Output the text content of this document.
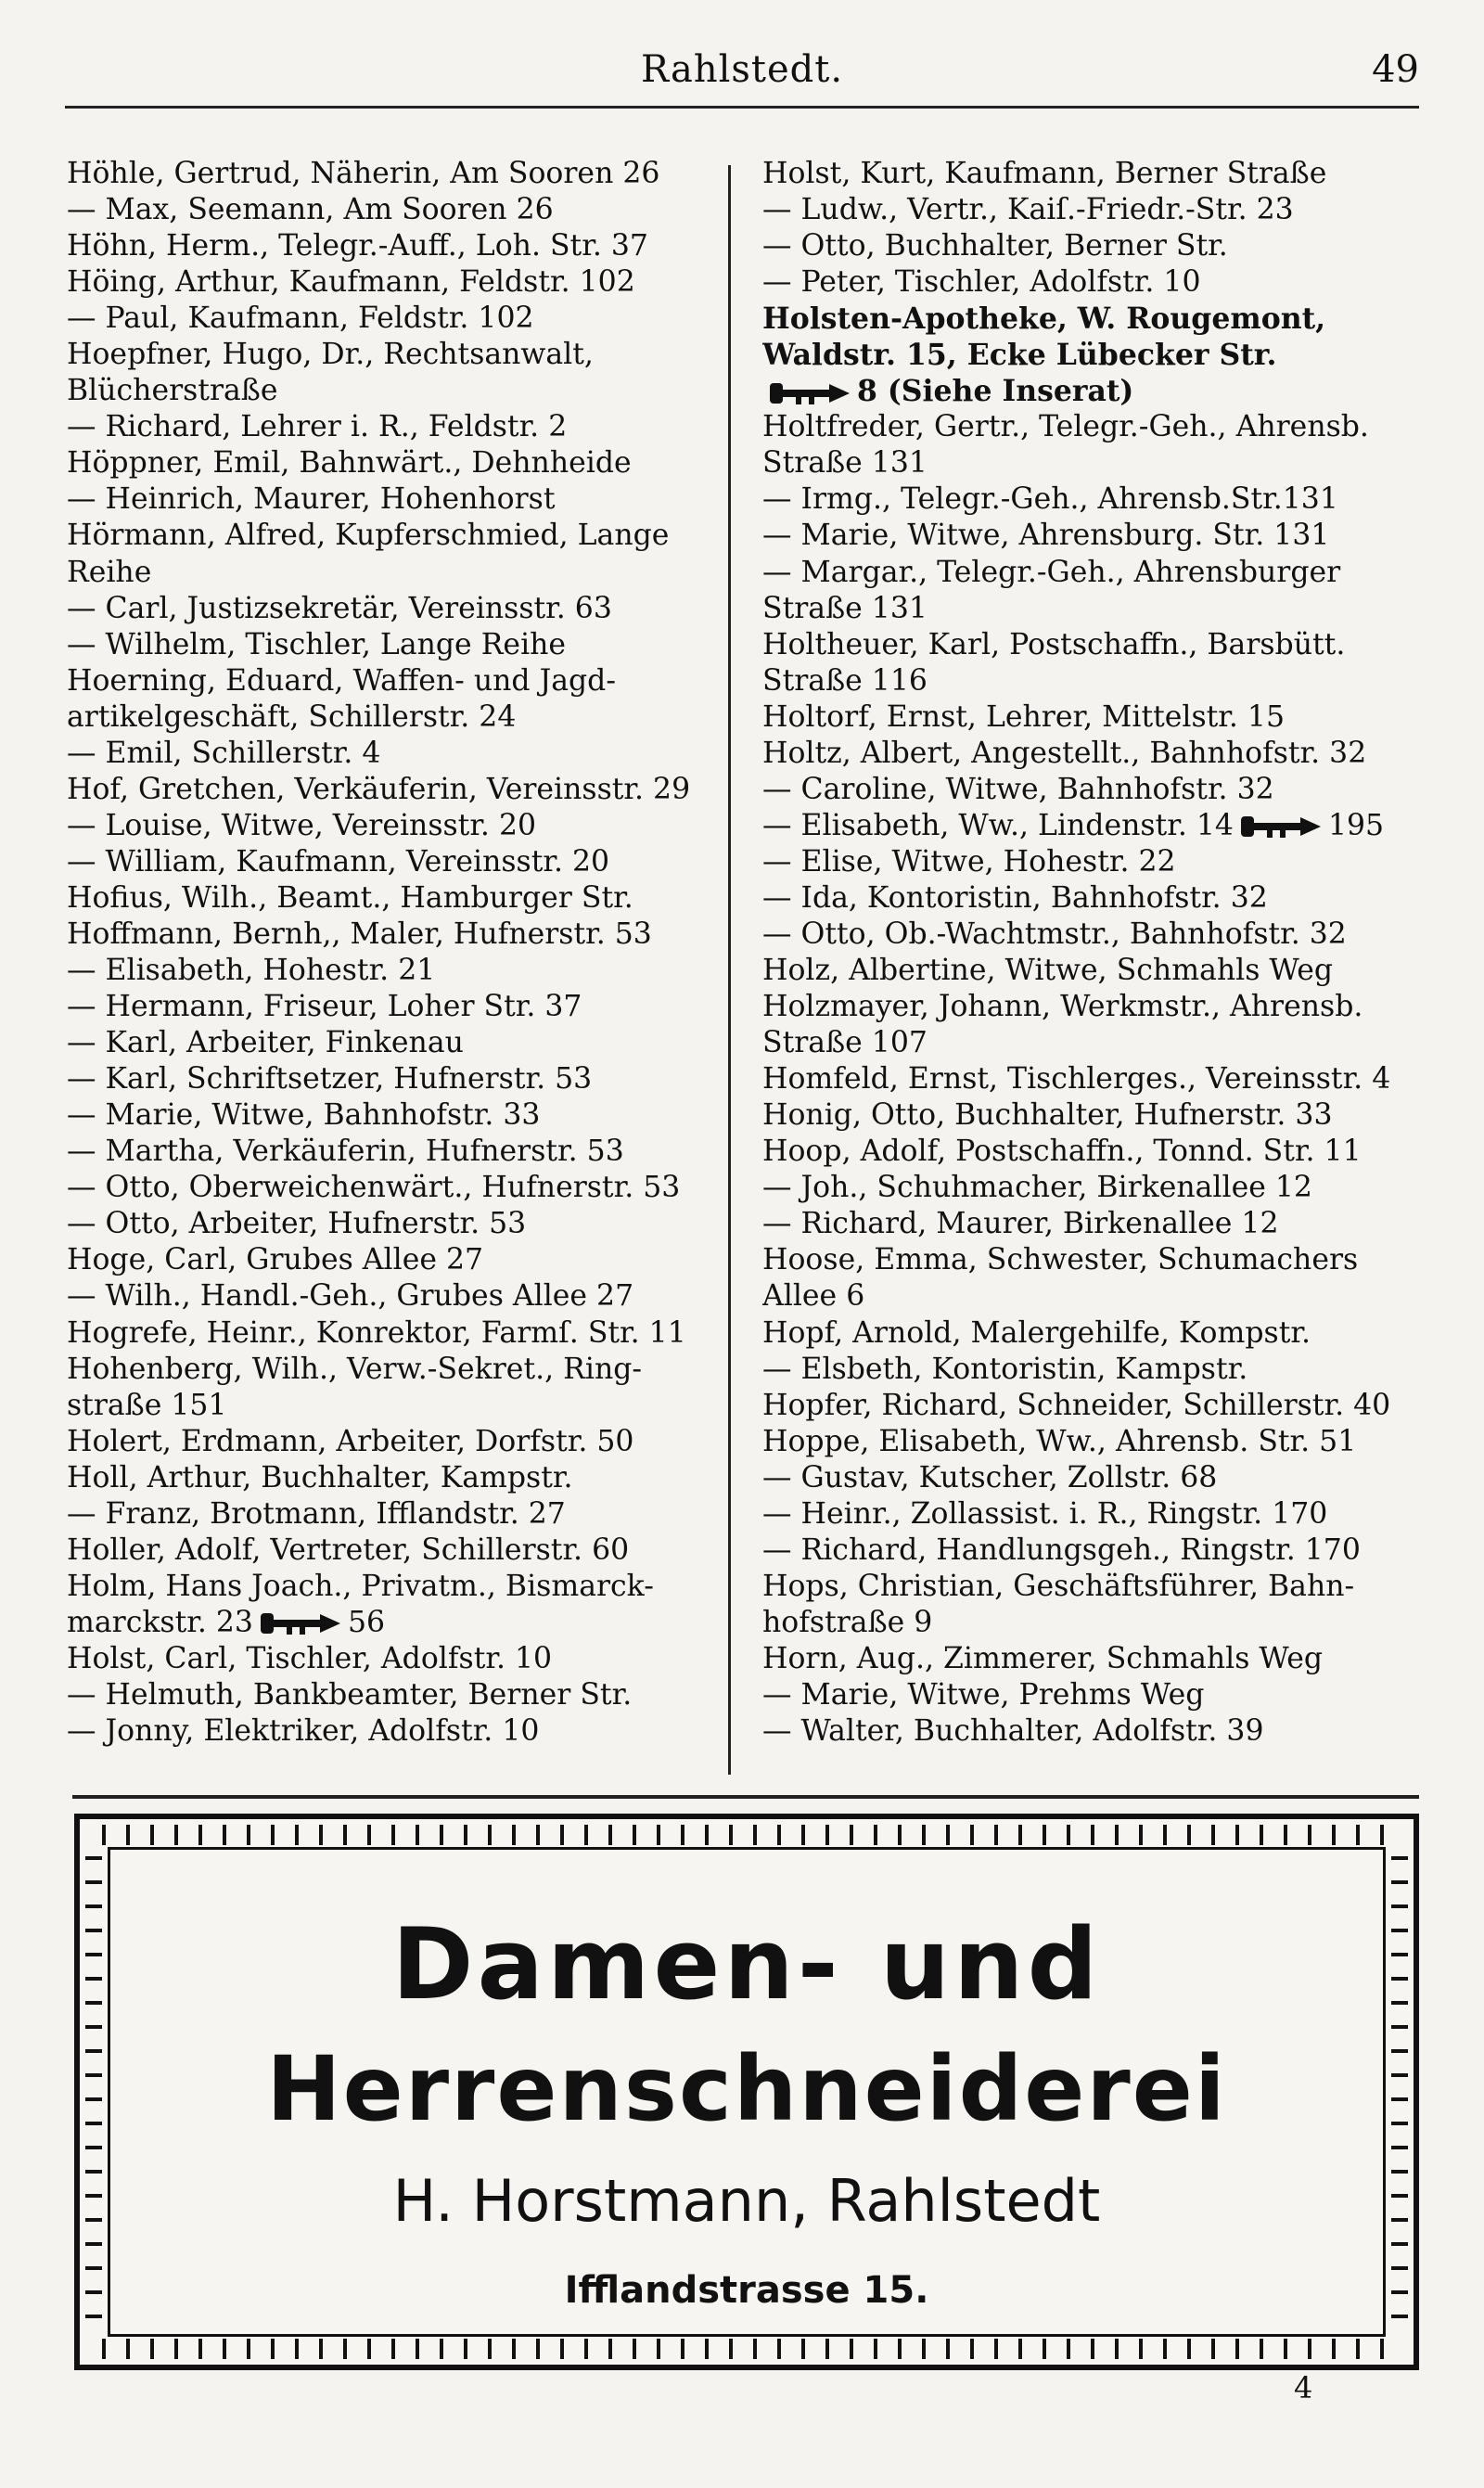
Rahlstedt.	49
Höhle, Gertrud, Näherin, Am Sooren 26
— Max, Seemann, Am Sooren 26
Höhn, Herm., Telegr.-Auff., Loh. Str. 37
Höing, Arthur, Kaufmann, Feldstr. 102
— Paul, Kaufmann, Feldstr. 102
Hoepfner, Hugo, Dr., Rechtsanwalt,
Blücherstraße
— Richard, Lehrer i. R., Feldstr. 2
Höppner, Emil, Bahnwärt., Dehnheide
— Heinrich, Maurer, Hohenhorst
Hörmann, Alfred, Kupferschmied, Lange
Reihe
— Carl, Justizsekretär, Vereinsstr. 63
— Wilhelm, Tischler, Lange Reihe
Hoerning, Eduard, Waffen- und Jagd-
artikelgeschäft, Schillerstr. 24
— Emil, Schillerstr. 4
Hof, Gretchen, Verkäuferin, Vereinsstr. 29
— Louise, Witwe, Vereinsstr. 20
— William, Kaufmann, Vereinsstr. 20
Hofius, Wilh., Beamt., Hamburger Str.
Hoffmann, Bernh,, Maler, Hufnerstr. 53
— Elisabeth, Hohestr. 21
— Hermann, Friseur, Loher Str. 37
— Karl, Arbeiter, Finkenau
— Karl, Schriftsetzer, Hufnerstr. 53
— Marie, Witwe, Bahnhofstr. 33
— Martha, Verkäuferin, Hufnerstr. 53
— Otto, Oberweichenwärt., Hufnerstr. 53
— Otto, Arbeiter, Hufnerstr. 53
Hoge, Carl, Grubes Allee 27
— Wilh., Handl.-Geh., Grubes Allee 27
Hogrefe, Heinr., Konrektor, Farmſ. Str. 11
Hohenberg, Wilh., Verw.-Sekret., Ring-
straße 151
Holert, Erdmann, Arbeiter, Dorfstr. 50
Holl, Arthur, Buchhalter, Kampstr.
— Franz, Brotmann, Ifflandstr. 27
Holler, Adolf, Vertreter, Schillerstr. 60
Holm, Hans Joach., Privatm., Bismarck-
marckstr. 23	56
Holst, Carl, Tischler, Adolfstr. 10
— Helmuth, Bankbeamter, Berner Str.
— Jonny, Elektriker, Adolfstr. 10
Holst, Kurt, Kaufmann, Berner Straße
— Ludw., Vertr., Kaiſ.-Friedr.-Str. 23
— Otto, Buchhalter, Berner Str.
— Peter, Tischler, Adolfstr. 10
Holsten-Apotheke, W. Rougemont,
Waldstr. 15, Ecke Lübecker Str.
8 (Siehe Inserat)
Holtfreder, Gertr., Telegr.-Geh., Ahrensb.
Straße 131
— Irmg., Telegr.-Geh., Ahrensb.Str.131
— Marie, Witwe, Ahrensburg. Str. 131
— Margar., Telegr.-Geh., Ahrensburger
Straße 131
Holtheuer, Karl, Postschaffn., Barsbütt.
Straße 116
Holtorf, Ernst, Lehrer, Mittelstr. 15
Holtz, Albert, Angestellt., Bahnhofstr. 32
— Caroline, Witwe, Bahnhofstr. 32
— Elisabeth, Ww., Lindenstr. 14	195
— Elise, Witwe, Hohestr. 22
— Ida, Kontoristin, Bahnhofstr. 32
— Otto, Ob.-Wachtmstr., Bahnhofstr. 32
Holz, Albertine, Witwe, Schmahls Weg
Holzmayer, Johann, Werkmstr., Ahrensb.
Straße 107
Homfeld, Ernst, Tischlerges., Vereinsstr. 4
Honig, Otto, Buchhalter, Hufnerstr. 33
Hoop, Adolf, Postschaffn., Tonnd. Str. 11
— Joh., Schuhmacher, Birkenallee 12
— Richard, Maurer, Birkenallee 12
Hoose, Emma, Schwester, Schumachers
Allee 6
Hopf, Arnold, Malergehilfe, Kompstr.
— Elsbeth, Kontoristin, Kampstr.
Hopfer, Richard, Schneider, Schillerstr. 40
Hoppe, Elisabeth, Ww., Ahrensb. Str. 51
— Gustav, Kutscher, Zollstr. 68
— Heinr., Zollassist. i. R., Ringstr. 170
— Richard, Handlungsgeh., Ringstr. 170
Hops, Christian, Geschäftsführer, Bahn-
hofstraße 9
Horn, Aug., Zimmerer, Schmahls Weg
— Marie, Witwe, Prehms Weg
— Walter, Buchhalter, Adolfstr. 39
Damen- und
Herrenschneiderei
H. Horstmann, Rahlstedt
Ifflandstrasse 15.
4
